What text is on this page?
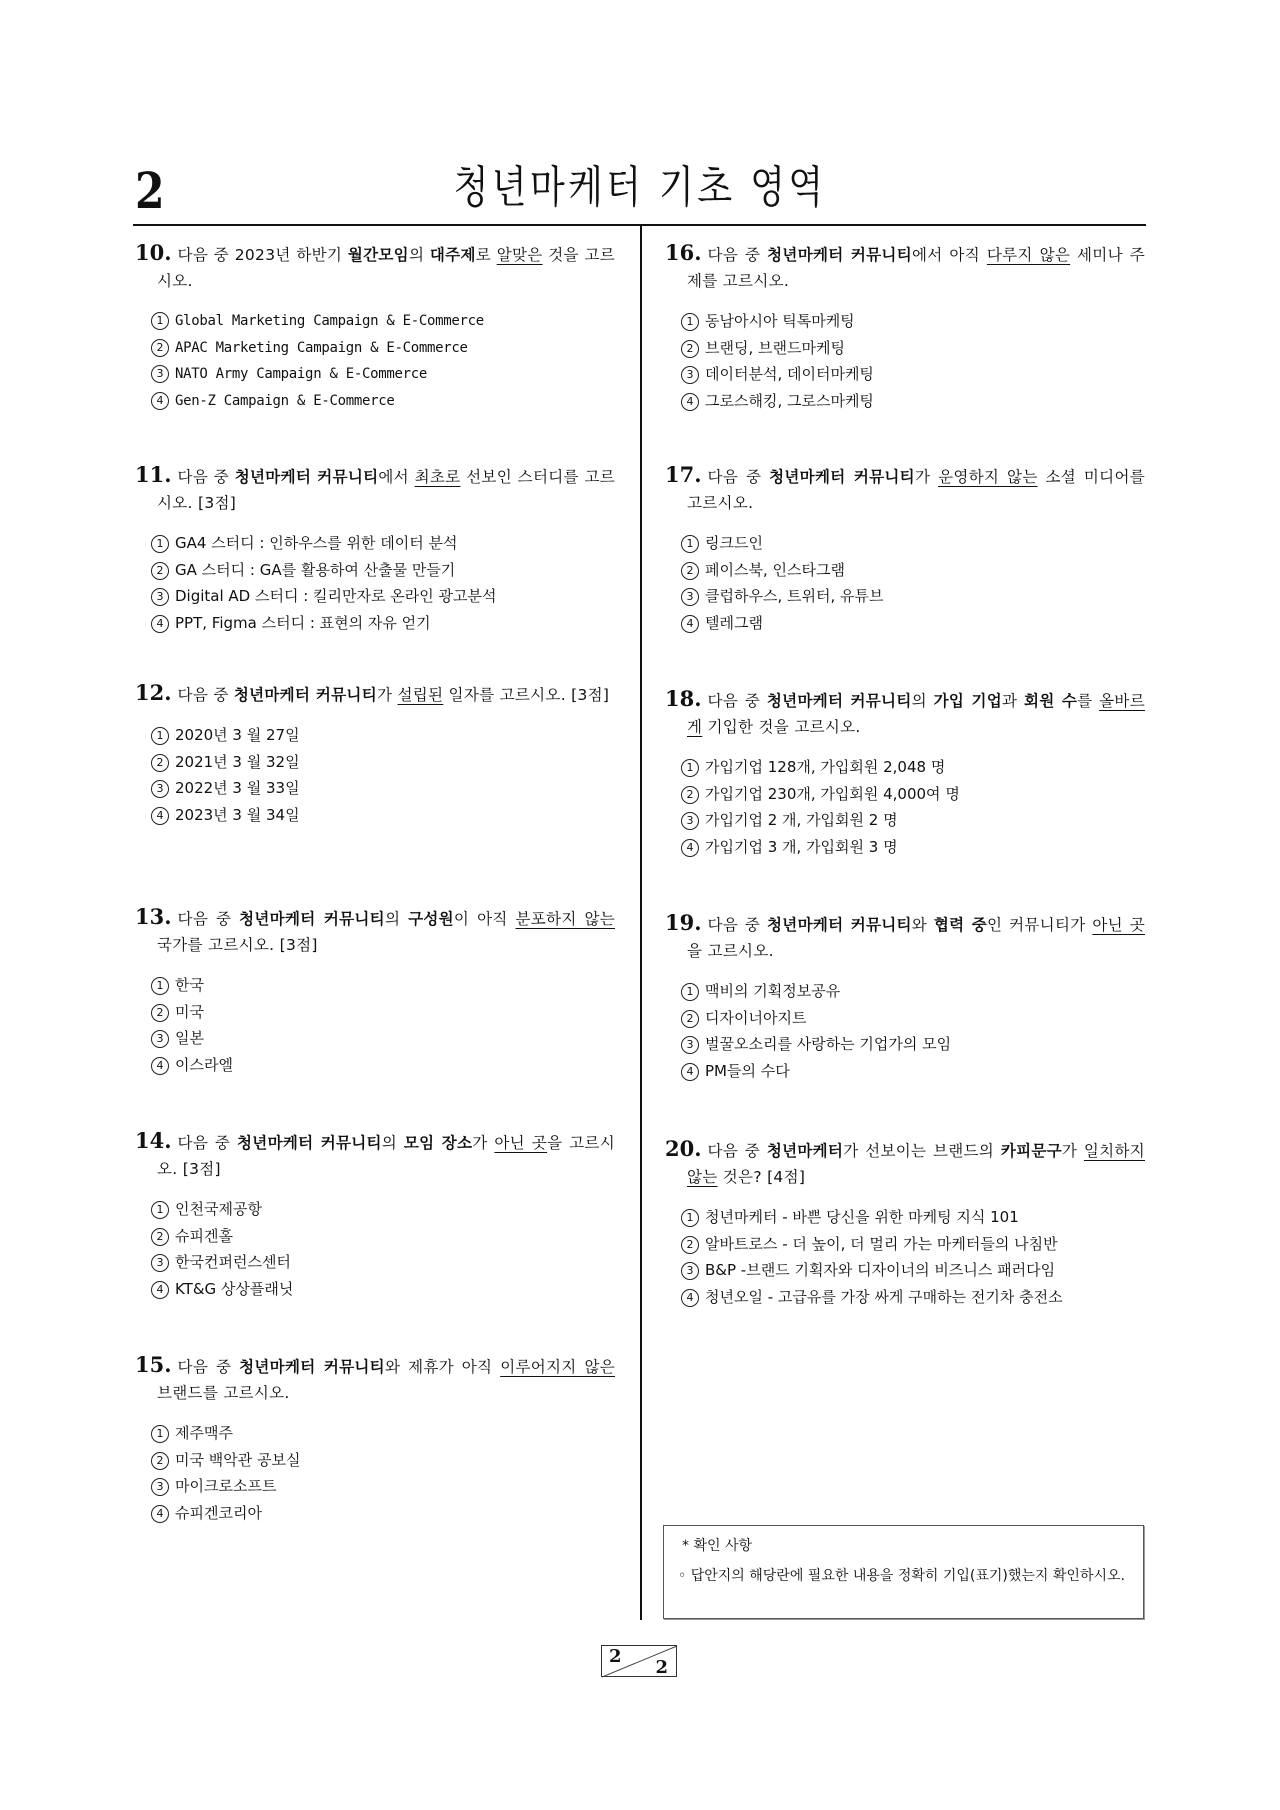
2	청년마케터 기초 영역
10. 다음 중 2023년 하반기 월간모임의 대주제로 알맞은 것을 고르시오.
1 Global Marketing Campaign & E-Commerce
2 APAC Marketing Campaign & E-Commerce
3 NATO Army Campaign & E-Commerce
4 Gen-Z Campaign & E-Commerce
11. 다음 중 청년마케터 커뮤니티에서 최초로 선보인 스터디를 고르시오. [3점]
1 GA4 스터디 : 인하우스를 위한 데이터 분석
2 GA 스터디 : GA를 활용하여 산출물 만들기
3 Digital AD 스터디 : 킬리만자로 온라인 광고분석
4 PPT, Figma 스터디 : 표현의 자유 얻기
12. 다음 중 청년마케터 커뮤니티가 설립된 일자를 고르시오. [3점]
1 2020년 3 월 27일
2 2021년 3 월 32일
3 2022년 3 월 33일
4 2023년 3 월 34일
13. 다음 중 청년마케터 커뮤니티의 구성원이 아직 분포하지 않는 국가를 고르시오. [3점]
1 한국
2 미국
3 일본
4 이스라엘
14. 다음 중 청년마케터 커뮤니티의 모임 장소가 아닌 곳을 고르시오. [3점]
1 인천국제공항
2 슈피겐홀
3 한국컨퍼런스센터
4 KT&G 상상플래닛
15. 다음 중 청년마케터 커뮤니티와 제휴가 아직 이루어지지 않은 브랜드를 고르시오.
1 제주맥주
2 미국 백악관 공보실
3 마이크로소프트
4 슈피겐코리아
16. 다음 중 청년마케터 커뮤니티에서 아직 다루지 않은 세미나 주제를 고르시오.
1 동남아시아 틱톡마케팅
2 브랜딩, 브랜드마케팅
3 데이터분석, 데이터마케팅
4 그로스해킹, 그로스마케팅
17. 다음 중 청년마케터 커뮤니티가 운영하지 않는 소셜 미디어를 고르시오.
1 링크드인
2 페이스북, 인스타그램
3 클럽하우스, 트위터, 유튜브
4 텔레그램
18. 다음 중 청년마케터 커뮤니티의 가입 기업과 회원 수를 올바르게 기입한 것을 고르시오.
1 가입기업 128개, 가입회원 2,048 명
2 가입기업 230개, 가입회원 4,000여 명
3 가입기업 2 개, 가입회원 2 명
4 가입기업 3 개, 가입회원 3 명
19. 다음 중 청년마케터 커뮤니티와 협력 중인 커뮤니티가 아닌 곳을 고르시오.
1 맥비의 기획정보공유
2 디자이너아지트
3 벌꿀오소리를 사랑하는 기업가의 모임
4 PM들의 수다
20. 다음 중 청년마케터가 선보이는 브랜드의 카피문구가 일치하지 않는 것은? [4점]
1 청년마케터 - 바쁜 당신을 위한 마케팅 지식 101
2 알바트로스 - 더 높이, 더 멀리 가는 마케터들의 나침반
3 B&P -브랜드 기획자와 디자이너의 비즈니스 패러다임
4 청년오일 - 고급유를 가장 싸게 구매하는 전기차 충전소
* 확인 사항
◦ 답안지의 해당란에 필요한 내용을 정확히 기입(표기)했는지 확인하시오.
2
2
